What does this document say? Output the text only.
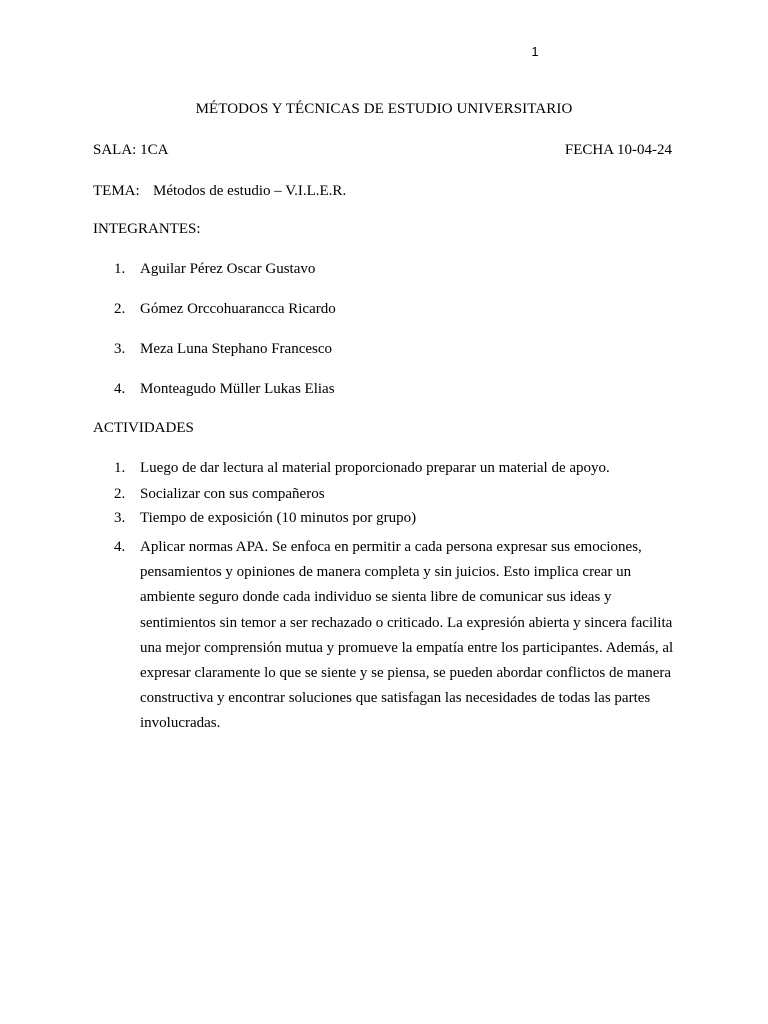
1
MÉTODOS Y TÉCNICAS DE ESTUDIO UNIVERSITARIO
SALA: 1CA	FECHA 10-04-24
TEMA: Métodos de estudio – V.I.L.E.R.
INTEGRANTES:
1. Aguilar Pérez Oscar Gustavo
2. Gómez Orccohuarancca Ricardo
3. Meza Luna Stephano Francesco
4. Monteagudo Müller Lukas Elias
ACTIVIDADES
1. Luego de dar lectura al material proporcionado preparar un material de apoyo.
2. Socializar con sus compañeros
3. Tiempo de exposición (10 minutos por grupo)
4. Aplicar normas APA. Se enfoca en permitir a cada persona expresar sus emociones, pensamientos y opiniones de manera completa y sin juicios. Esto implica crear un ambiente seguro donde cada individuo se sienta libre de comunicar sus ideas y sentimientos sin temor a ser rechazado o criticado. La expresión abierta y sincera facilita una mejor comprensión mutua y promueve la empatía entre los participantes. Además, al expresar claramente lo que se siente y se piensa, se pueden abordar conflictos de manera constructiva y encontrar soluciones que satisfagan las necesidades de todas las partes involucradas.
